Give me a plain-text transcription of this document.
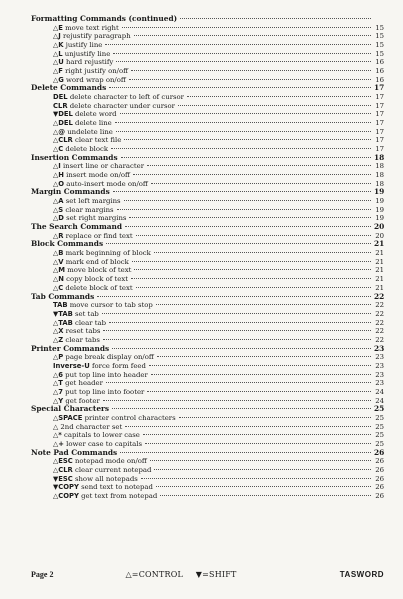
Formatting Commands (continued)
△E move text right	15
△J rejustify paragraph	15
△K justify line	15
△L unjustify line	15
△U hard rejustify	16
△F right justify on/off	16
△G word wrap on/off	16
Delete Commands	17
DEL delete character to left of cursor	17
CLR delete character under cursor	17
▼DEL delete word	17
△DEL delete line	17
△@ undelete line	17
△CLR clear text file	17
△C delete block	17
Insertion Commands	18
△I insert line or character	18
△H insert mode on/off	18
△O auto-insert mode on/off	18
Margin Commands	19
△A set left margins	19
△S clear margins	19
△D set right margins	19
The Search Command	20
△R replace or find text	20
Block Commands	21
△B mark beginning of block	21
△V mark end of block	21
△M move block of text	21
△N copy block of text	21
△C delete block of text	21
Tab Commands	22
TAB move cursor to tab stop	22
▼TAB set tab	22
△TAB clear tab	22
△X reset tabs	22
△Z clear tabs	22
Printer Commands	23
△P page break display on/off	23
Inverse-U force form feed	23
△6 put top line into header	23
△T get header	23
△7 put top line into footer	24
△Y get footer	24
Special Characters	25
△SPACE printer control characters	25
△ 2nd character set	25
△* capitals to lower case	25
△+ lower case to capitals	25
Note Pad Commands	26
△ESC notepad mode on/off	26
△CLR clear current notepad	26
▼ESC show all notepads	26
▼COPY send text to notepad	26
△COPY get text from notepad	26
Page 2	△=CONTROL ▼=SHIFT	TASWORD
